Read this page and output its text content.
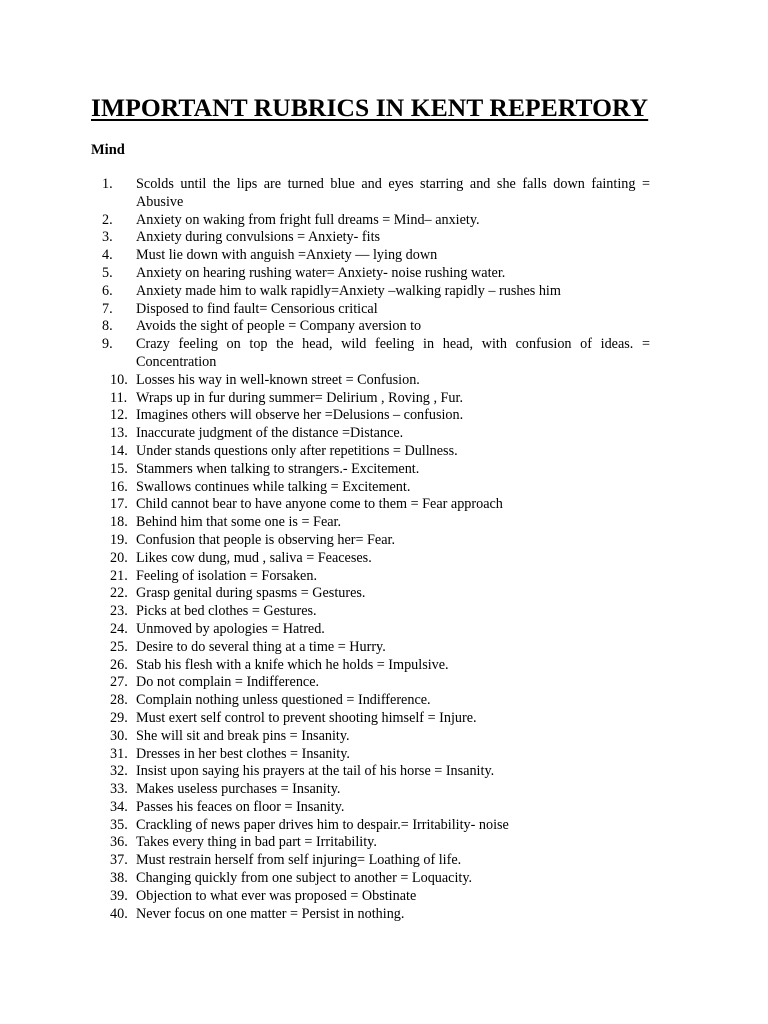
IMPORTANT RUBRICS IN KENT REPERTORY
Mind
1.	Scolds until the lips are turned blue and eyes starring and she falls down fainting = Abusive
2.	Anxiety on waking from fright full dreams = Mind– anxiety.
3.	Anxiety during convulsions = Anxiety- fits
4.	Must lie down with anguish =Anxiety — lying down
5.	Anxiety on hearing rushing water= Anxiety- noise rushing water.
6.	Anxiety made him to walk rapidly=Anxiety –walking rapidly – rushes him
7.	Disposed to find fault= Censorious critical
8.	Avoids the sight of people = Company aversion to
9.	Crazy feeling on top the head, wild feeling in head, with confusion of ideas. = Concentration
10. Losses his way in well-known street = Confusion.
11. Wraps up in fur during summer= Delirium , Roving , Fur.
12. Imagines others will observe her =Delusions – confusion.
13. Inaccurate judgment of the distance =Distance.
14. Under stands questions only after repetitions = Dullness.
15. Stammers when talking to strangers.- Excitement.
16. Swallows continues while talking = Excitement.
17. Child cannot bear to have anyone come to them = Fear approach
18. Behind him that some one is = Fear.
19. Confusion that people is observing her= Fear.
20. Likes cow dung, mud , saliva = Feaceses.
21. Feeling of isolation = Forsaken.
22. Grasp genital during spasms = Gestures.
23. Picks at bed clothes = Gestures.
24. Unmoved by apologies = Hatred.
25. Desire to do several thing at a time = Hurry.
26. Stab his flesh with a knife which he holds = Impulsive.
27. Do not complain = Indifference.
28. Complain nothing unless questioned = Indifference.
29. Must exert self control to prevent shooting himself = Injure.
30. She will sit and break pins = Insanity.
31. Dresses in her best clothes = Insanity.
32. Insist upon saying his prayers at the tail of his horse = Insanity.
33. Makes useless purchases = Insanity.
34. Passes his feaces on floor = Insanity.
35. Crackling of news paper drives him to despair.= Irritability- noise
36. Takes every thing in bad part = Irritability.
37. Must restrain herself from self injuring= Loathing of life.
38. Changing quickly from one subject to another = Loquacity.
39. Objection to what ever was proposed = Obstinate
40. Never focus on one matter = Persist in nothing.
